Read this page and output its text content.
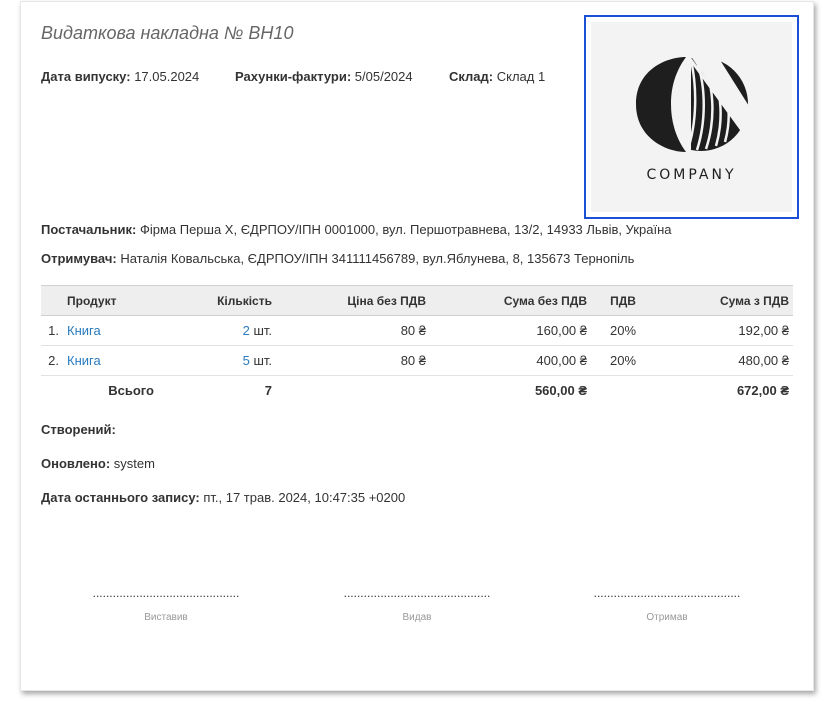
Видаткова накладна № ВН10
Дата випуску: 17.05.2024	Рахунки-фактури: 5/05/2024	Склад: Склад 1
COMPANY
Постачальник: Фірма Перша Х, ЄДРПОУ/ІПН 0001000, вул. Першотравнева, 13/2, 14933 Львів, Україна
Отримувач: Наталія Ковальська, ЄДРПОУ/ІПН 341111456789, вул.Яблунева, 8, 135673 Тернопіль
	Продукт	Кількість	Ціна без ПДВ	Сума без ПДВ	ПДВ	Сума з ПДВ
1.	Книга	2 шт.	80 ₴	160,00 ₴	20%	192,00 ₴
2.	Книга	5 шт.	80 ₴	400,00 ₴	20%	480,00 ₴
	Всього	7		560,00 ₴		672,00 ₴
Створений:
Оновлено: system
Дата останнього запису: пт., 17 трав. 2024, 10:47:35 +0200
............................................
Виставив
............................................
Видав
............................................
Отримав
